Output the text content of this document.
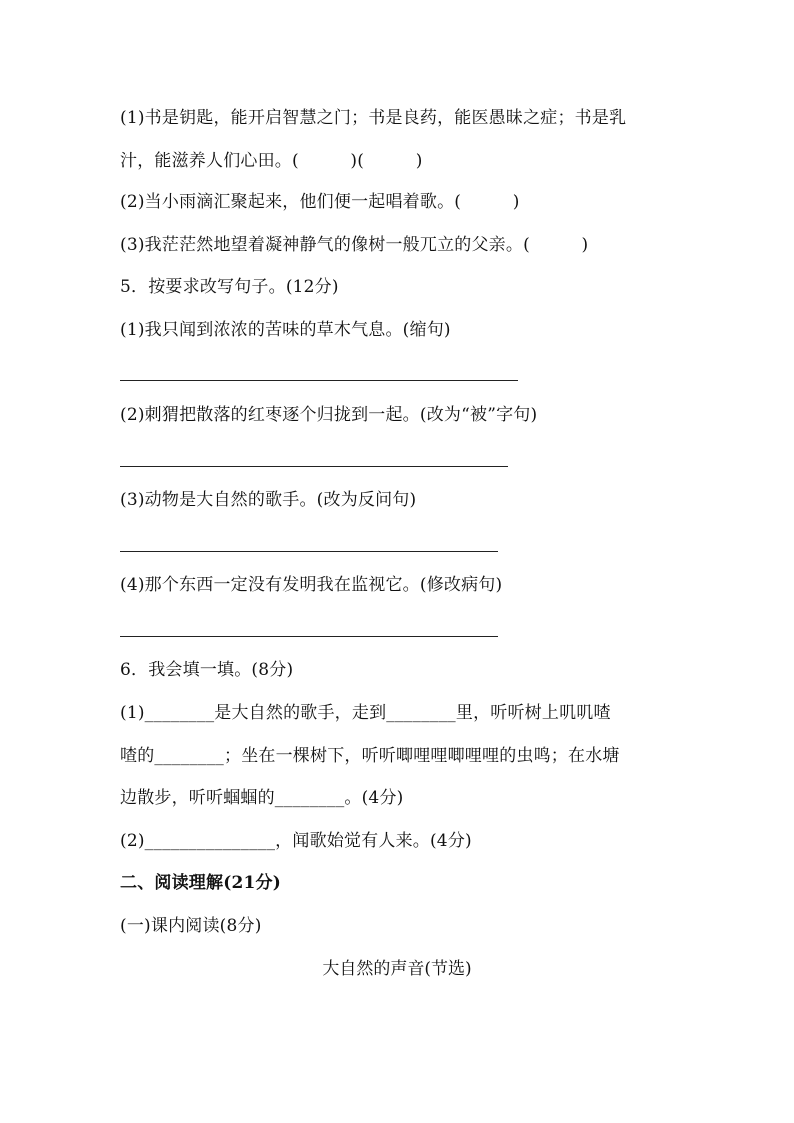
(1)书是钥匙，能开启智慧之门；书是良药，能医愚昧之症；书是乳
汁，能滋养人们心田。(　　　)(　　　)
(2)当小雨滴汇聚起来，他们便一起唱着歌。(　　　)
(3)我茫茫然地望着凝神静气的像树一般兀立的父亲。(　　　)
5．按要求改写句子。(12分)
(1)我只闻到浓浓的苦味的草木气息。(缩句)
(2)刺猬把散落的红枣逐个归拢到一起。(改为“被”字句)
(3)动物是大自然的歌手。(改为反问句)
(4)那个东西一定没有发明我在监视它。(修改病句)
6．我会填一填。(8分)
(1)________是大自然的歌手，走到________里，听听树上叽叽喳
喳的________；坐在一棵树下，听听唧哩哩唧哩哩的虫鸣；在水塘
边散步，听听蝈蝈的________。(4分)
(2)_______________，闻歌始觉有人来。(4分)
二、阅读理解(21分)
(一)课内阅读(8分)
大自然的声音(节选)
